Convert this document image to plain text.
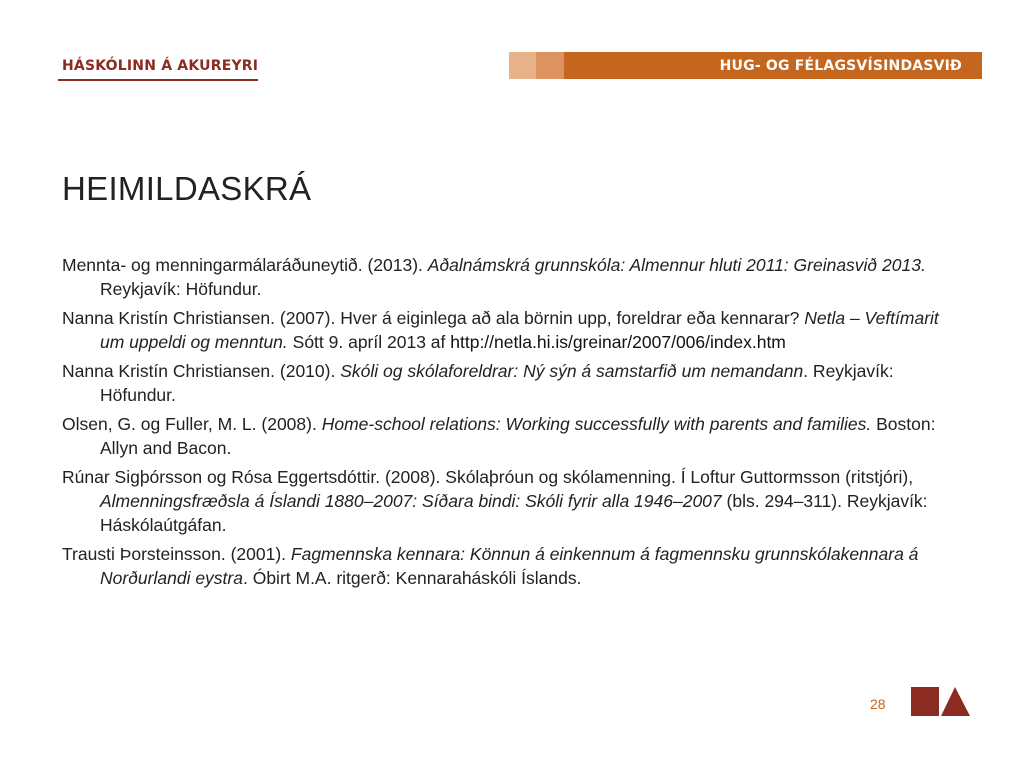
HÁSKÓLINN Á AKUREYRI	HUG- OG FÉLAGSVÍSINDASVIÐ
HEIMILDASKRÁ

Mennta- og menningarmálaráðuneytið. (2013). Aðalnámskrá grunnskóla: Almennur hluti 2011: Greinasvið 2013. Reykjavík: Höfundur.

Nanna Kristín Christiansen. (2007). Hver á eiginlega að ala börnin upp, foreldrar eða kennarar? Netla – Veftímarit um uppeldi og menntun. Sótt 9. apríl 2013 af http://netla.hi.is/greinar/2007/006/index.htm

Nanna Kristín Christiansen. (2010). Skóli og skólaforeldrar: Ný sýn á samstarfið um nemandann. Reykjavík: Höfundur.

Olsen, G. og Fuller, M. L. (2008). Home-school relations: Working successfully with parents and families. Boston: Allyn and Bacon.

Rúnar Sigþórsson og Rósa Eggertsdóttir. (2008). Skólaþróun og skólamenning. Í Loftur Guttormsson (ritstjóri), Almenningsfræðsla á Íslandi 1880–2007: Síðara bindi: Skóli fyrir alla 1946–2007 (bls. 294–311). Reykjavík: Háskólaútgáfan.

Trausti Þorsteinsson. (2001). Fagmennska kennara: Könnun á einkennum á fagmennsku grunnskólakennara á Norðurlandi eystra. Óbirt M.A. ritgerð: Kennaraháskóli Íslands.

28
